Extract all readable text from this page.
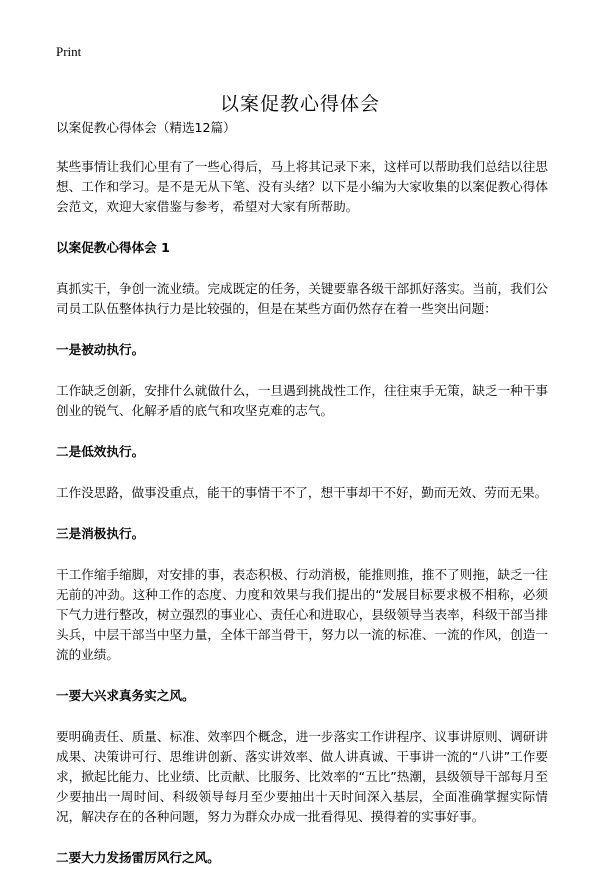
Print
以案促教心得体会

以案促教心得体会（精选12篇）

某些事情让我们心里有了一些心得后，马上将其记录下来，这样可以帮助我们总结以往思想、工作和学习。是不是无从下笔、没有头绪？以下是小编为大家收集的以案促教心得体会范文，欢迎大家借鉴与参考，希望对大家有所帮助。

以案促教心得体会 1

真抓实干，争创一流业绩。完成既定的任务，关键要靠各级干部抓好落实。当前，我们公司员工队伍整体执行力是比较强的，但是在某些方面仍然存在着一些突出问题：

一是被动执行。

工作缺乏创新，安排什么就做什么，一旦遇到挑战性工作，往往束手无策，缺乏一种干事创业的锐气、化解矛盾的底气和攻坚克难的志气。

二是低效执行。

工作没思路，做事没重点，能干的事情干不了，想干事却干不好，勤而无效、劳而无果。

三是消极执行。

干工作缩手缩脚，对安排的事，表态积极、行动消极，能推则推，推不了则拖，缺乏一往无前的冲劲。这种工作的态度、力度和效果与我们提出的“发展目标要求极不相称，必须下气力进行整改，树立强烈的事业心、责任心和进取心，县级领导当表率，科级干部当排头兵，中层干部当中坚力量，全体干部当骨干，努力以一流的标准、一流的作风，创造一流的业绩。

一要大兴求真务实之风。

要明确责任、质量、标准、效率四个概念，进一步落实工作讲程序、议事讲原则、调研讲成果、决策讲可行、思维讲创新、落实讲效率、做人讲真诚、干事讲一流的“八讲”工作要求，掀起比能力、比业绩、比贡献、比服务、比效率的“五比”热潮，县级领导干部每月至少要抽出一周时间、科级领导每月至少要抽出十天时间深入基层，全面准确掌握实际情况，解决存在的各种问题，努力为群众办成一批看得见、摸得着的实事好事。

二要大力发扬雷厉风行之风。
